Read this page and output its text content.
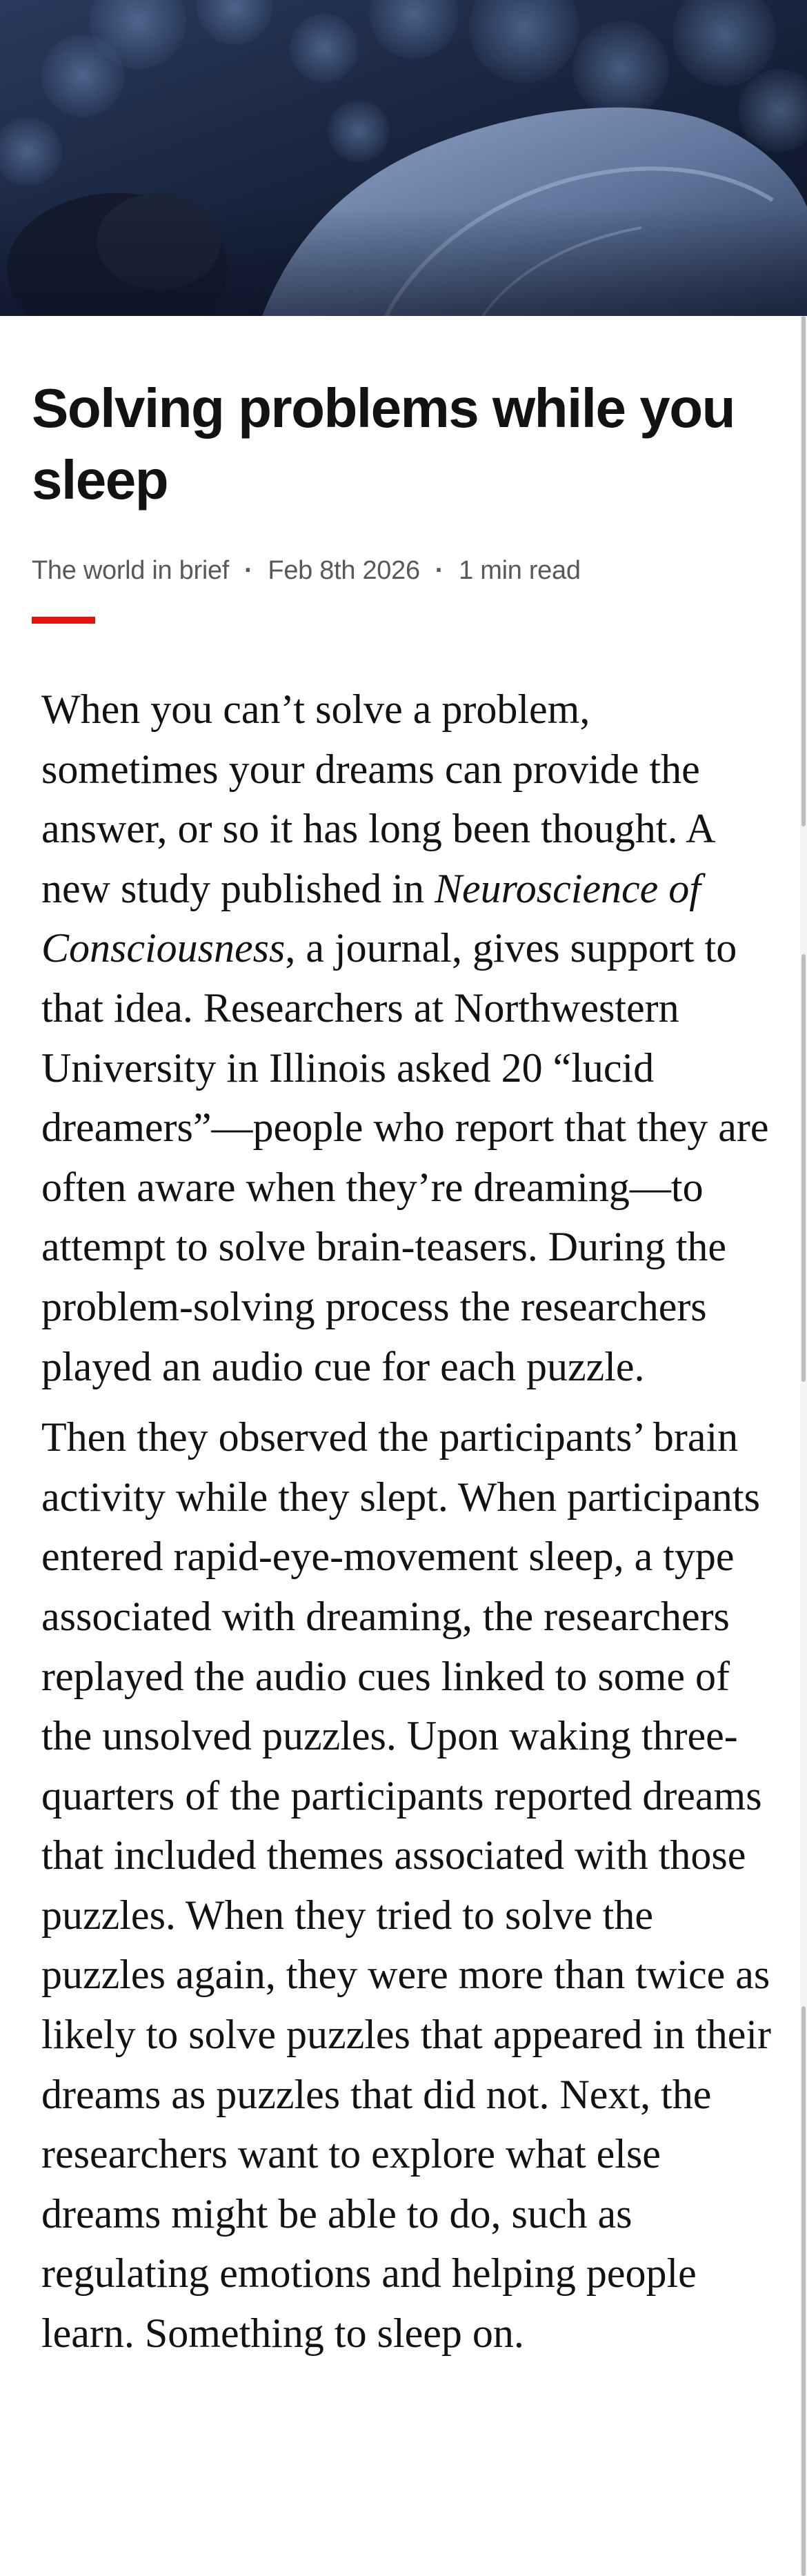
Solving problems while you sleep
The world in brief · Feb 8th 2026 · 1 min read

When you can’t solve a problem, sometimes your dreams can provide the answer, or so it has long been thought. A new study published in Neuroscience of Consciousness, a journal, gives support to that idea. Researchers at Northwestern University in Illinois asked 20 “lucid dreamers”—people who report that they are often aware when they’re dreaming—to attempt to solve brain-teasers. During the problem-solving process the researchers played an audio cue for each puzzle.

Then they observed the participants’ brain activity while they slept. When participants entered rapid-eye-movement sleep, a type associated with dreaming, the researchers replayed the audio cues linked to some of the unsolved puzzles. Upon waking three-quarters of the participants reported dreams that included themes associated with those puzzles. When they tried to solve the puzzles again, they were more than twice as likely to solve puzzles that appeared in their dreams as puzzles that did not. Next, the researchers want to explore what else dreams might be able to do, such as regulating emotions and helping people learn. Something to sleep on.
